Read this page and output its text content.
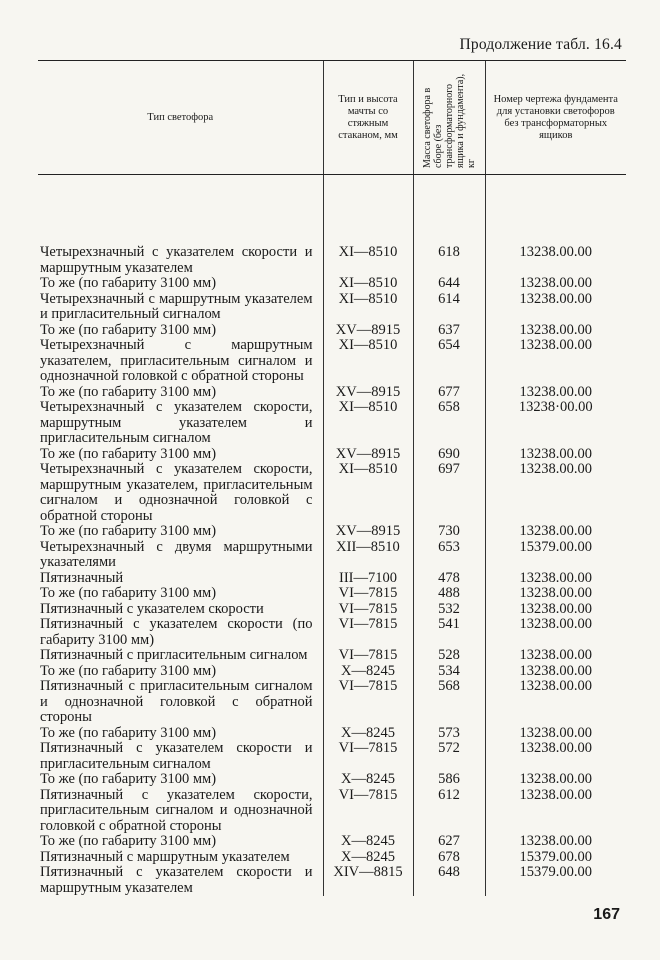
Продолжение табл. 16.4
Тип светофора	Тип и высота мачты со стяжным стаканом, мм	Масса светофора в сборе (без трансформаторного ящика и фундамента), кг	Номер чертежа фундамента для установки светофоров без трансформаторных ящиков

Четырехзначный с указателем скорости и маршрутным указателем	XI—8510	618	13238.00.00
То же (по габариту 3100 мм)	XI—8510	644	13238.00.00
Четырехзначный с маршрутным указателем и пригласительный сигналом	XI—8510	614	13238.00.00
То же (по габариту 3100 мм)	XV—8915	637	13238.00.00
Четырехзначный с маршрутным указателем, пригласительным сигналом и однозначной головкой с обратной стороны	XI—8510	654	13238.00.00
То же (по габариту 3100 мм)	XV—8915	677	13238.00.00
Четырехзначный с указателем скорости, маршрутным указателем и пригласительным сигналом	XI—8510	658	13238·00.00
То же (по габариту 3100 мм)	XV—8915	690	13238.00.00
Четырехзначный с указателем скорости, маршрутным указателем, пригласительным сигналом и однозначной головкой с обратной стороны	XI—8510	697	13238.00.00
То же (по габариту 3100 мм)	XV—8915	730	13238.00.00
Четырехзначный с двумя маршрутными указателями	XII—8510	653	15379.00.00
Пятизначный	III—7100	478	13238.00.00
То же (по габариту 3100 мм)	VI—7815	488	13238.00.00
Пятизначный с указателем скорости	VI—7815	532	13238.00.00
Пятизначный с указателем скорости (по габариту 3100 мм)	VI—7815	541	13238.00.00
Пятизначный с пригласительным сигналом	VI—7815	528	13238.00.00
То же (по габариту 3100 мм)	X—8245	534	13238.00.00
Пятизначный с пригласительным сигналом и однозначной головкой с обратной стороны	VI—7815	568	13238.00.00
То же (по габариту 3100 мм)	X—8245	573	13238.00.00
Пятизначный с указателем скорости и пригласительным сигналом	VI—7815	572	13238.00.00
То же (по габариту 3100 мм)	X—8245	586	13238.00.00
Пятизначный с указателем скорости, пригласительным сигналом и однозначной головкой с обратной стороны	VI—7815	612	13238.00.00
То же (по габариту 3100 мм)	X—8245	627	13238.00.00
Пятизначный с маршрутным указателем	X—8245	678	15379.00.00
Пятизначный с указателем скорости и маршрутным указателем	XIV—8815	648	15379.00.00
167
